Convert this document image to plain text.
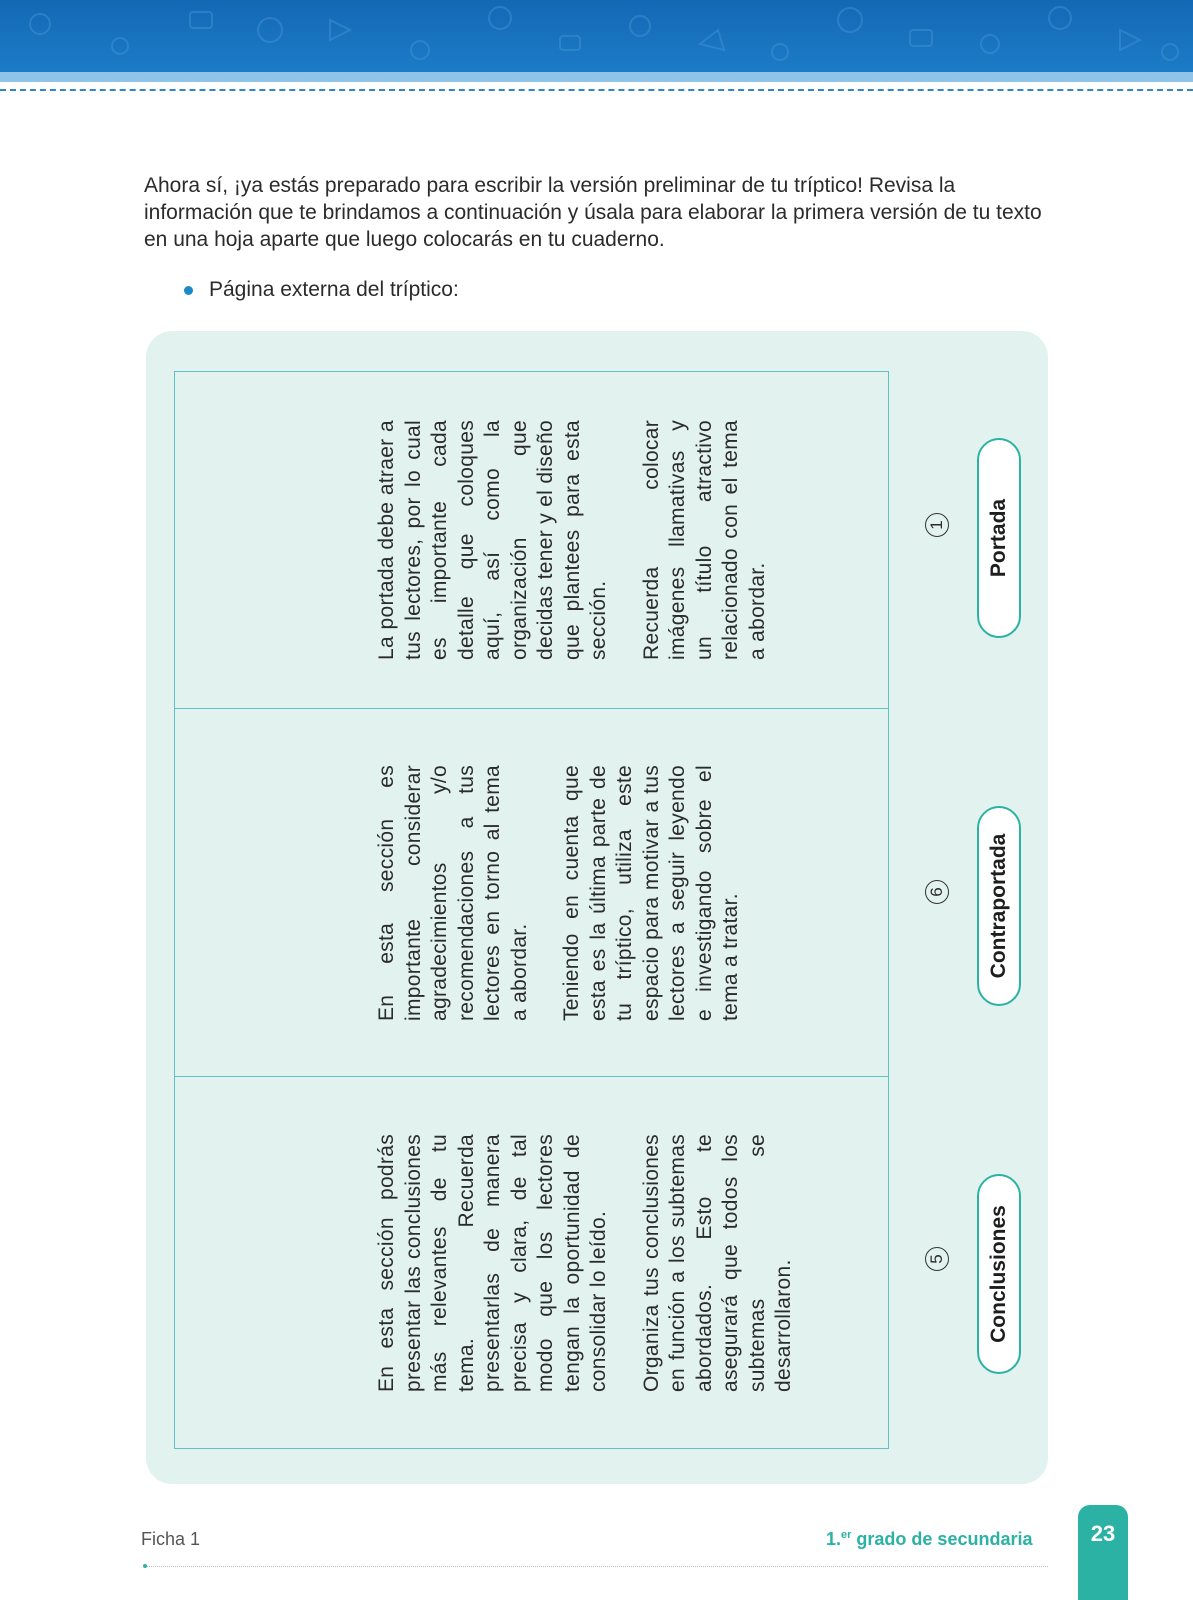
Ahora sí, ¡ya estás preparado para escribir la versión preliminar de tu tríptico! Revisa la información que te brindamos a continuación y úsala para elaborar la primera versión de tu texto en una hoja aparte que luego colocarás en tu cuaderno.

Página externa del tríptico:

La portada debe atraer a tus lectores, por lo cual es importante cada detalle que coloques aquí, así como la organización que decidas tener y el diseño que plantees para esta sección. Recuerda colocar imágenes llamativas y un título atractivo relacionado con el tema a abordar.

En esta sección es importante considerar agradecimientos y/o recomendaciones a tus lectores en torno al tema a abordar. Teniendo en cuenta que esta es la última parte de tu tríptico, utiliza este espacio para motivar a tus lectores a seguir leyendo e investigando sobre el tema a tratar.

En esta sección podrás presentar las conclusiones más relevantes de tu tema. Recuerda presentarlas de manera precisa y clara, de tal modo que los lectores tengan la oportunidad de consolidar lo leído. Organiza tus conclusiones en función a los subtemas abordados. Esto te asegurará que todos los subtemas se desarrollaron.

1
6
5
Portada
Contraportada
Conclusiones
Ficha 1	1.$^{er}$ grado de secundaria	23
